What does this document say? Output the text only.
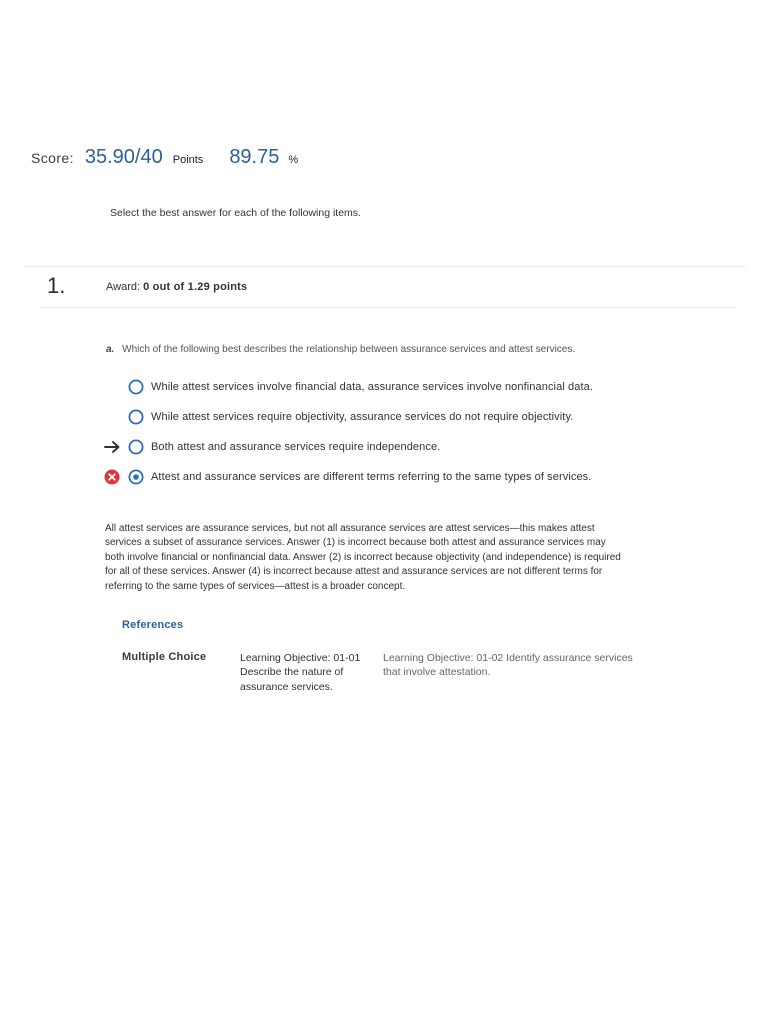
Score: 35.90/40 Points 89.75 %
Select the best answer for each of the following items.
1.	Award: 0 out of 1.29 points
a. Which of the following best describes the relationship between assurance services and attest services.
While attest services involve financial data, assurance services involve nonfinancial data.
While attest services require objectivity, assurance services do not require objectivity.
Both attest and assurance services require independence.
Attest and assurance services are different terms referring to the same types of services.
All attest services are assurance services, but not all assurance services are attest services—this makes attest services a subset of assurance services. Answer (1) is incorrect because both attest and assurance services may both involve financial or nonfinancial data. Answer (2) is incorrect because objectivity (and independence) is required for all of these services. Answer (4) is incorrect because attest and assurance services are not different terms for referring to the same types of services—attest is a broader concept.
References
Multiple Choice	Learning Objective: 01-01 Describe the nature of assurance services.
Learning Objective: 01-02 Identify assurance services that involve attestation.
